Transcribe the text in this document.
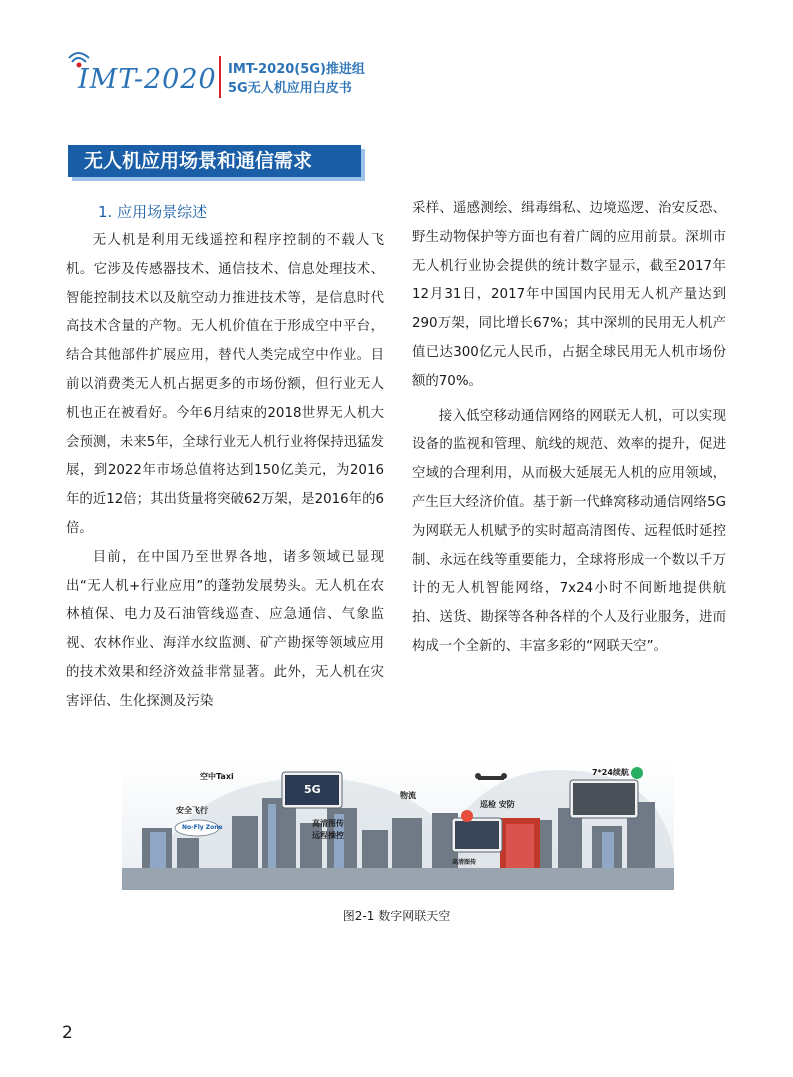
IMT-2020 IMT-2020(5G)推进组
5G无人机应用白皮书
无人机应用场景和通信需求
1. 应用场景综述

无人机是利用无线遥控和程序控制的不载人飞机。它涉及传感器技术、通信技术、信息处理技术、智能控制技术以及航空动力推进技术等，是信息时代高技术含量的产物。无人机价值在于形成空中平台，结合其他部件扩展应用，替代人类完成空中作业。目前以消费类无人机占据更多的市场份额，但行业无人机也正在被看好。今年6月结束的2018世界无人机大会预测，未来5年，全球行业无人机行业将保持迅猛发展，到2022年市场总值将达到150亿美元，为2016年的近12倍；其出货量将突破62万架，是2016年的6倍。

目前，在中国乃至世界各地，诸多领域已显现出“无人机+行业应用”的蓬勃发展势头。无人机在农林植保、电力及石油管线巡查、应急通信、气象监视、农林作业、海洋水纹监测、矿产勘探等领域应用的技术效果和经济效益非常显著。此外，无人机在灾害评估、生化探测及污染

采样、遥感测绘、缉毒缉私、边境巡逻、治安反恐、野生动物保护等方面也有着广阔的应用前景。深圳市无人机行业协会提供的统计数字显示，截至2017年12月31日，2017年中国国内民用无人机产量达到290万架，同比增长67%；其中深圳的民用无人机产值已达300亿元人民币，占据全球民用无人机市场份额的70%。

接入低空移动通信网络的网联无人机，可以实现设备的监视和管理、航线的规范、效率的提升，促进空域的合理利用，从而极大延展无人机的应用领域，产生巨大经济价值。基于新一代蜂窝移动通信网络5G为网联无人机赋予的实时超高清图传、远程低时延控制、永远在线等重要能力，全球将形成一个数以千万计的无人机智能网络，7x24小时不间断地提供航拍、送货、勘探等各种各样的个人及行业服务，进而构成一个全新的、丰富多彩的“网联天空”。

空中Taxi
安全飞行
No-Fly Zone
5G
高清图传
远程操控
物流
巡检 安防
7*24续航
高清图传
图2-1 数字网联天空
2
